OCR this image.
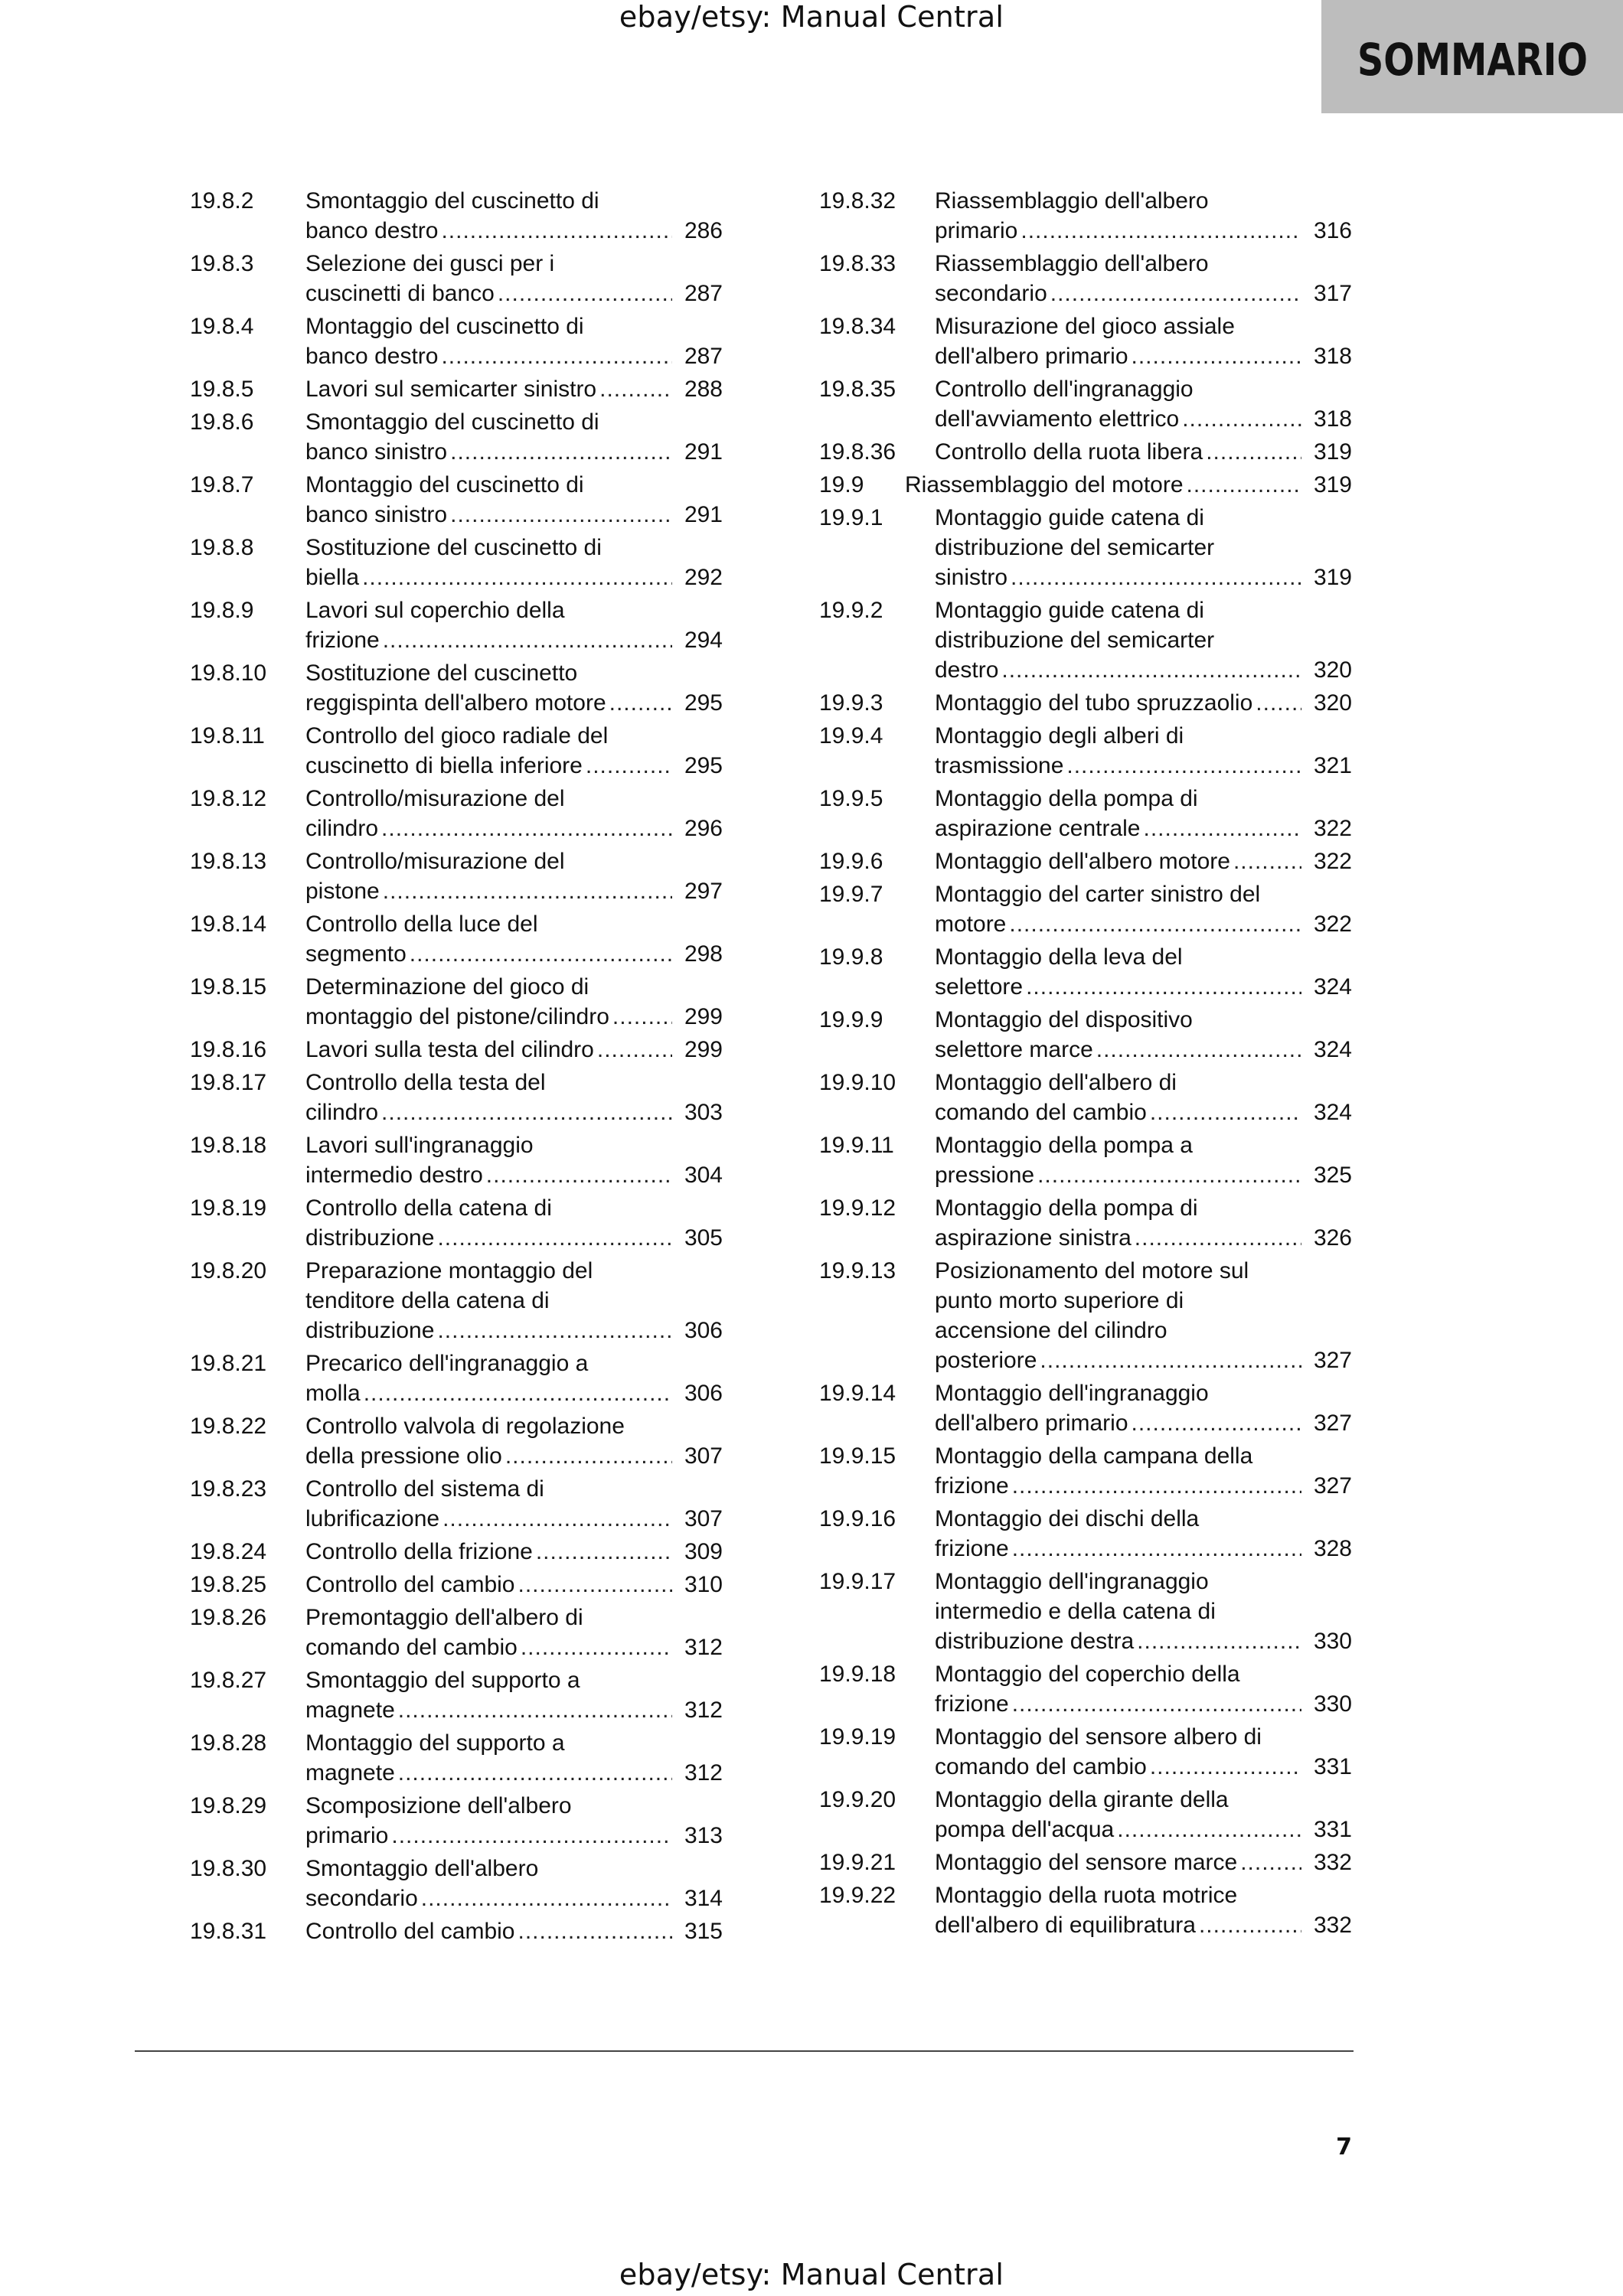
ebay/etsy: Manual Central
SOMMARIO
19.8.2 Smontaggio del cuscinetto di
banco destro .....	286
19.8.3 Selezione dei gusci per i
cuscinetti di banco .....	287
19.8.4 Montaggio del cuscinetto di
banco destro .....	287
19.8.5 Lavori sul semicarter sinistro .....	288
19.8.6 Smontaggio del cuscinetto di
banco sinistro .....	291
19.8.7 Montaggio del cuscinetto di
banco sinistro .....	291
19.8.8 Sostituzione del cuscinetto di
biella .....	292
19.8.9 Lavori sul coperchio della
frizione .....	294
19.8.10 Sostituzione del cuscinetto
reggispinta dell'albero motore .....	295
19.8.11 Controllo del gioco radiale del
cuscinetto di biella inferiore .....	295
19.8.12 Controllo/misurazione del
cilindro .....	296
19.8.13 Controllo/misurazione del
pistone .....	297
19.8.14 Controllo della luce del
segmento .....	298
19.8.15 Determinazione del gioco di
montaggio del pistone/cilindro .....	299
19.8.16 Lavori sulla testa del cilindro .....	299
19.8.17 Controllo della testa del
cilindro .....	303
19.8.18 Lavori sull'ingranaggio
intermedio destro .....	304
19.8.19 Controllo della catena di
distribuzione .....	305
19.8.20 Preparazione montaggio del
tenditore della catena di
distribuzione .....	306
19.8.21 Precarico dell'ingranaggio a
molla .....	306
19.8.22 Controllo valvola di regolazione
della pressione olio .....	307
19.8.23 Controllo del sistema di
lubrificazione .....	307
19.8.24 Controllo della frizione .....	309
19.8.25 Controllo del cambio .....	310
19.8.26 Premontaggio dell'albero di
comando del cambio .....	312
19.8.27 Smontaggio del supporto a
magnete .....	312
19.8.28 Montaggio del supporto a
magnete .....	312
19.8.29 Scomposizione dell'albero
primario .....	313
19.8.30 Smontaggio dell'albero
secondario .....	314
19.8.31 Controllo del cambio .....	315
19.8.32 Riassemblaggio dell'albero
primario .....	316
19.8.33 Riassemblaggio dell'albero
secondario .....	317
19.8.34 Misurazione del gioco assiale
dell'albero primario .....	318
19.8.35 Controllo dell'ingranaggio
dell'avviamento elettrico .....	318
19.8.36 Controllo della ruota libera .....	319
19.9 Riassemblaggio del motore .....	319
19.9.1 Montaggio guide catena di
distribuzione del semicarter
sinistro .....	319
19.9.2 Montaggio guide catena di
distribuzione del semicarter
destro .....	320
19.9.3 Montaggio del tubo spruzzaolio .....	320
19.9.4 Montaggio degli alberi di
trasmissione .....	321
19.9.5 Montaggio della pompa di
aspirazione centrale .....	322
19.9.6 Montaggio dell'albero motore .....	322
19.9.7 Montaggio del carter sinistro del
motore .....	322
19.9.8 Montaggio della leva del
selettore .....	324
19.9.9 Montaggio del dispositivo
selettore marce .....	324
19.9.10 Montaggio dell'albero di
comando del cambio .....	324
19.9.11 Montaggio della pompa a
pressione .....	325
19.9.12 Montaggio della pompa di
aspirazione sinistra .....	326
19.9.13 Posizionamento del motore sul
punto morto superiore di
accensione del cilindro
posteriore .....	327
19.9.14 Montaggio dell'ingranaggio
dell'albero primario .....	327
19.9.15 Montaggio della campana della
frizione .....	327
19.9.16 Montaggio dei dischi della
frizione .....	328
19.9.17 Montaggio dell'ingranaggio
intermedio e della catena di
distribuzione destra .....	330
19.9.18 Montaggio del coperchio della
frizione .....	330
19.9.19 Montaggio del sensore albero di
comando del cambio .....	331
19.9.20 Montaggio della girante della
pompa dell'acqua .....	331
19.9.21 Montaggio del sensore marce .....	332
19.9.22 Montaggio della ruota motrice
dell'albero di equilibratura .....	332
7
ebay/etsy: Manual Central
